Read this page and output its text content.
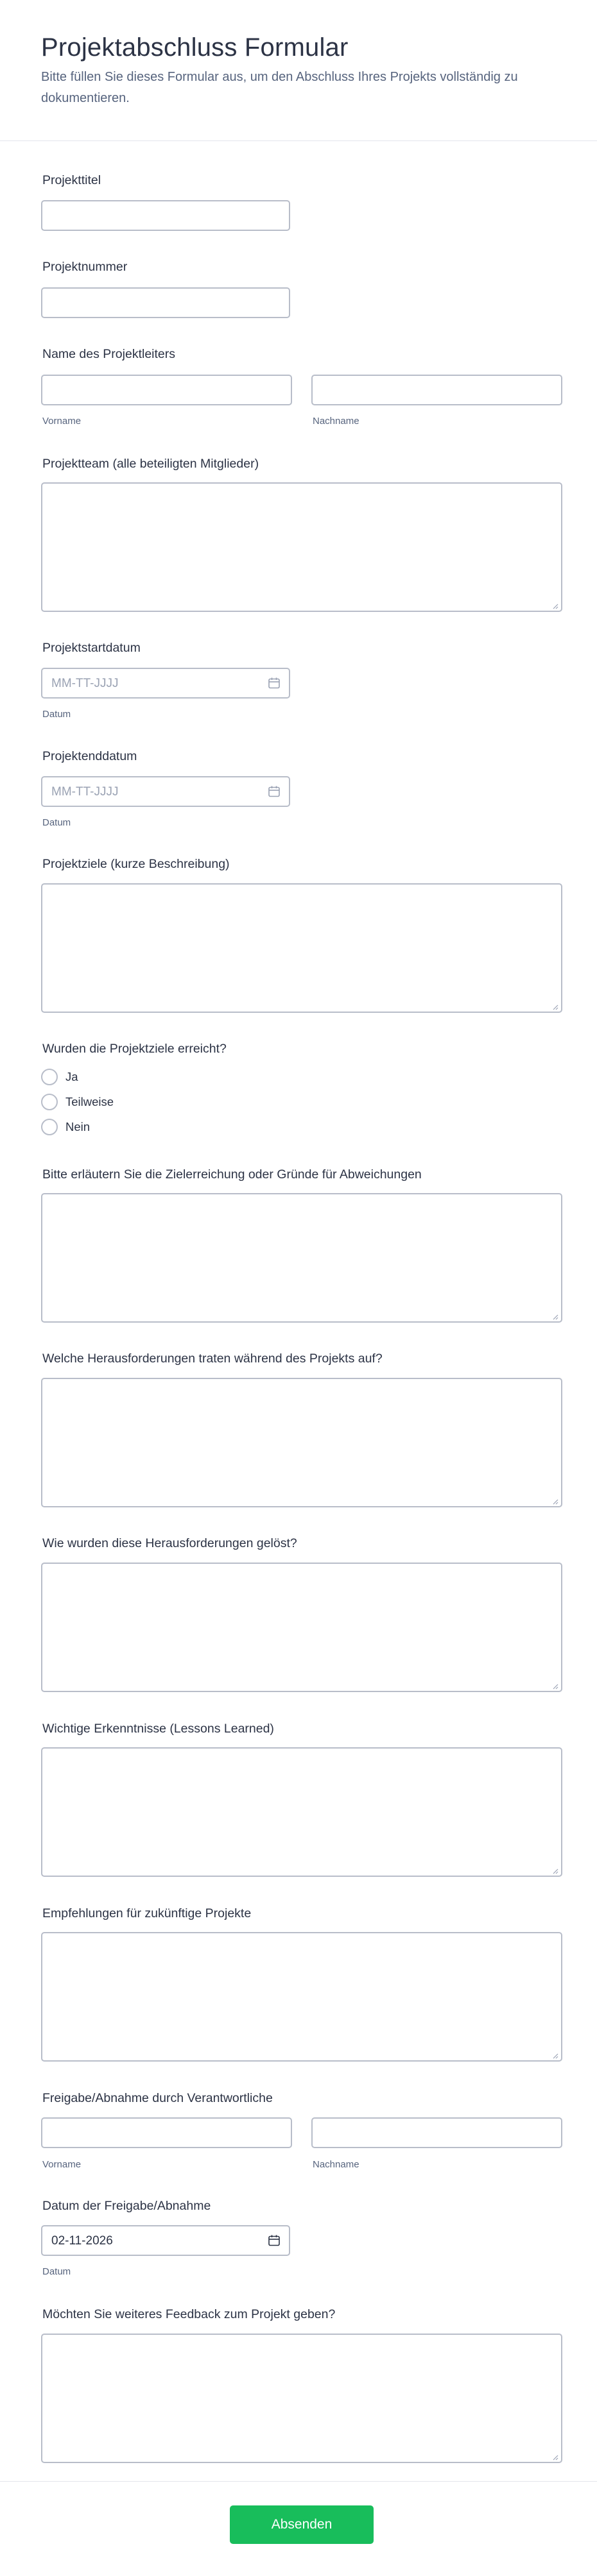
Projektabschluss Formular

Bitte füllen Sie dieses Formular aus, um den Abschluss Ihres Projekts vollständig zu dokumentieren.

Projekttitel
Projektnummer
Name des Projektleiters
Vorname	Nachname
Projektteam (alle beteiligten Mitglieder)
Projektstartdatum
MM-TT-JJJJ
Datum
Projektenddatum
MM-TT-JJJJ
Datum
Projektziele (kurze Beschreibung)
Wurden die Projektziele erreicht?
Ja
Teilweise
Nein
Bitte erläutern Sie die Zielerreichung oder Gründe für Abweichungen
Welche Herausforderungen traten während des Projekts auf?
Wie wurden diese Herausforderungen gelöst?
Wichtige Erkenntnisse (Lessons Learned)
Empfehlungen für zukünftige Projekte
Freigabe/Abnahme durch Verantwortliche
Vorname	Nachname
Datum der Freigabe/Abnahme
02-11-2026
Datum
Möchten Sie weiteres Feedback zum Projekt geben?
Absenden
